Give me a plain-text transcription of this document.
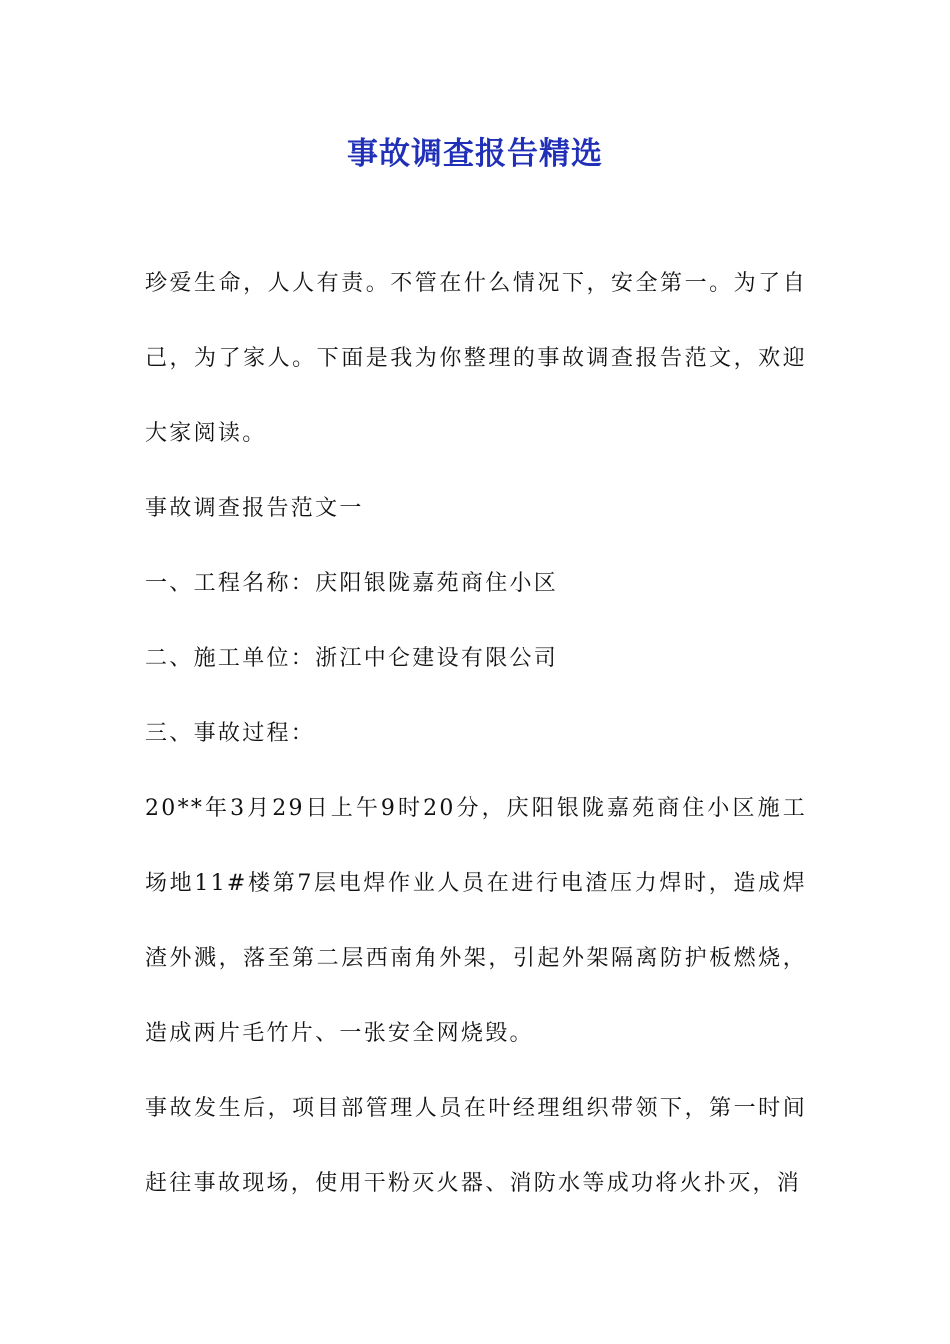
事故调查报告精选

珍爱生命，人人有责。不管在什么情况下，安全第一。为了自己，为了家人。下面是我为你整理的事故调查报告范文，欢迎大家阅读。

事故调查报告范文一

一、工程名称：庆阳银陇嘉苑商住小区

二、施工单位：浙江中仑建设有限公司

三、事故过程：

20**年3月29日上午9时20分，庆阳银陇嘉苑商住小区施工场地11#楼第7层电焊作业人员在进行电渣压力焊时，造成焊渣外溅，落至第二层西南角外架，引起外架隔离防护板燃烧，造成两片毛竹片、一张安全网烧毁。

事故发生后，项目部管理人员在叶经理组织带领下，第一时间赶往事故现场，使用干粉灭火器、消防水等成功将火扑灭，消
